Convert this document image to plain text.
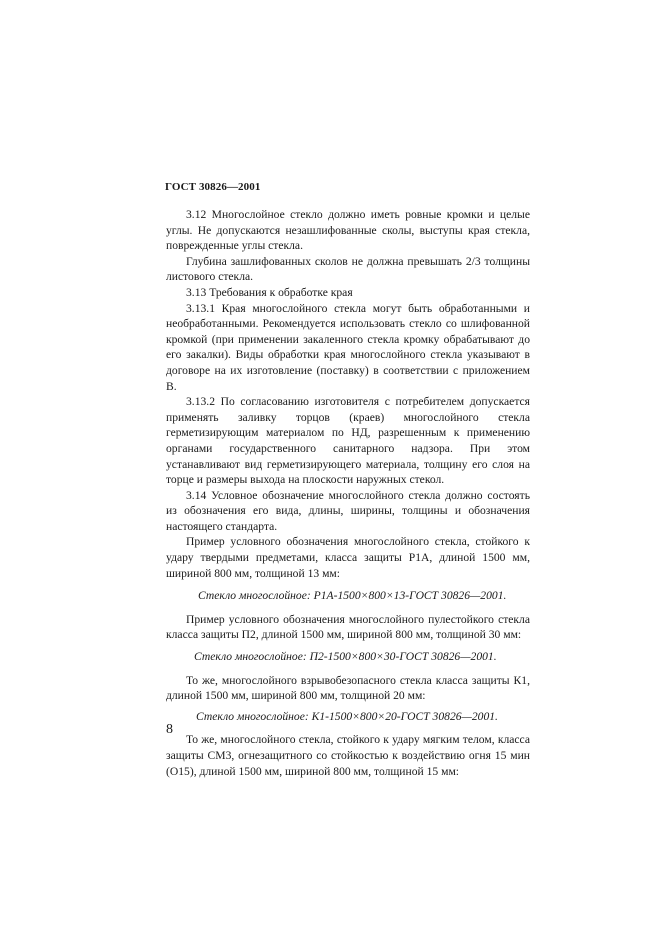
ГОСТ 30826—2001

3.12 Многослойное стекло должно иметь ровные кромки и целые углы. Не допускаются незашлифованные сколы, выступы края стекла, поврежденные углы стекла.

Глубина зашлифованных сколов не должна превышать 2/3 толщины листового стекла.

3.13 Требования к обработке края

3.13.1 Края многослойного стекла могут быть обработанными и необработанными. Рекомендуется использовать стекло со шлифованной кромкой (при применении закаленного стекла кромку обрабатывают до его закалки). Виды обработки края многослойного стекла указывают в договоре на их изготовление (поставку) в соответствии с приложением В.

3.13.2 По согласованию изготовителя с потребителем допускается применять заливку торцов (краев) многослойного стекла герметизирующим материалом по НД, разрешенным к применению органами государственного санитарного надзора. При этом устанавливают вид герметизирующего материала, толщину его слоя на торце и размеры выхода на плоскости наружных стекол.

3.14 Условное обозначение многослойного стекла должно состоять из обозначения его вида, длины, ширины, толщины и обозначения настоящего стандарта.

Пример условного обозначения многослойного стекла, стойкого к удару твердыми предметами, класса защиты Р1А, длиной 1500 мм, шириной 800 мм, толщиной 13 мм:

Стекло многослойное: Р1А-1500×800×13-ГОСТ 30826—2001.

Пример условного обозначения многослойного пулестойкого стекла класса защиты П2, длиной 1500 мм, шириной 800 мм, толщиной 30 мм:

Стекло многослойное: П2-1500×800×30-ГОСТ 30826—2001.

То же, многослойного взрывобезопасного стекла класса защиты К1, длиной 1500 мм, шириной 800 мм, толщиной 20 мм:

Стекло многослойное: К1-1500×800×20-ГОСТ 30826—2001.

То же, многослойного стекла, стойкого к удару мягким телом, класса защиты СМ3, огнезащитного со стойкостью к воздействию огня 15 мин (О15), длиной 1500 мм, шириной 800 мм, толщиной 15 мм:

8
